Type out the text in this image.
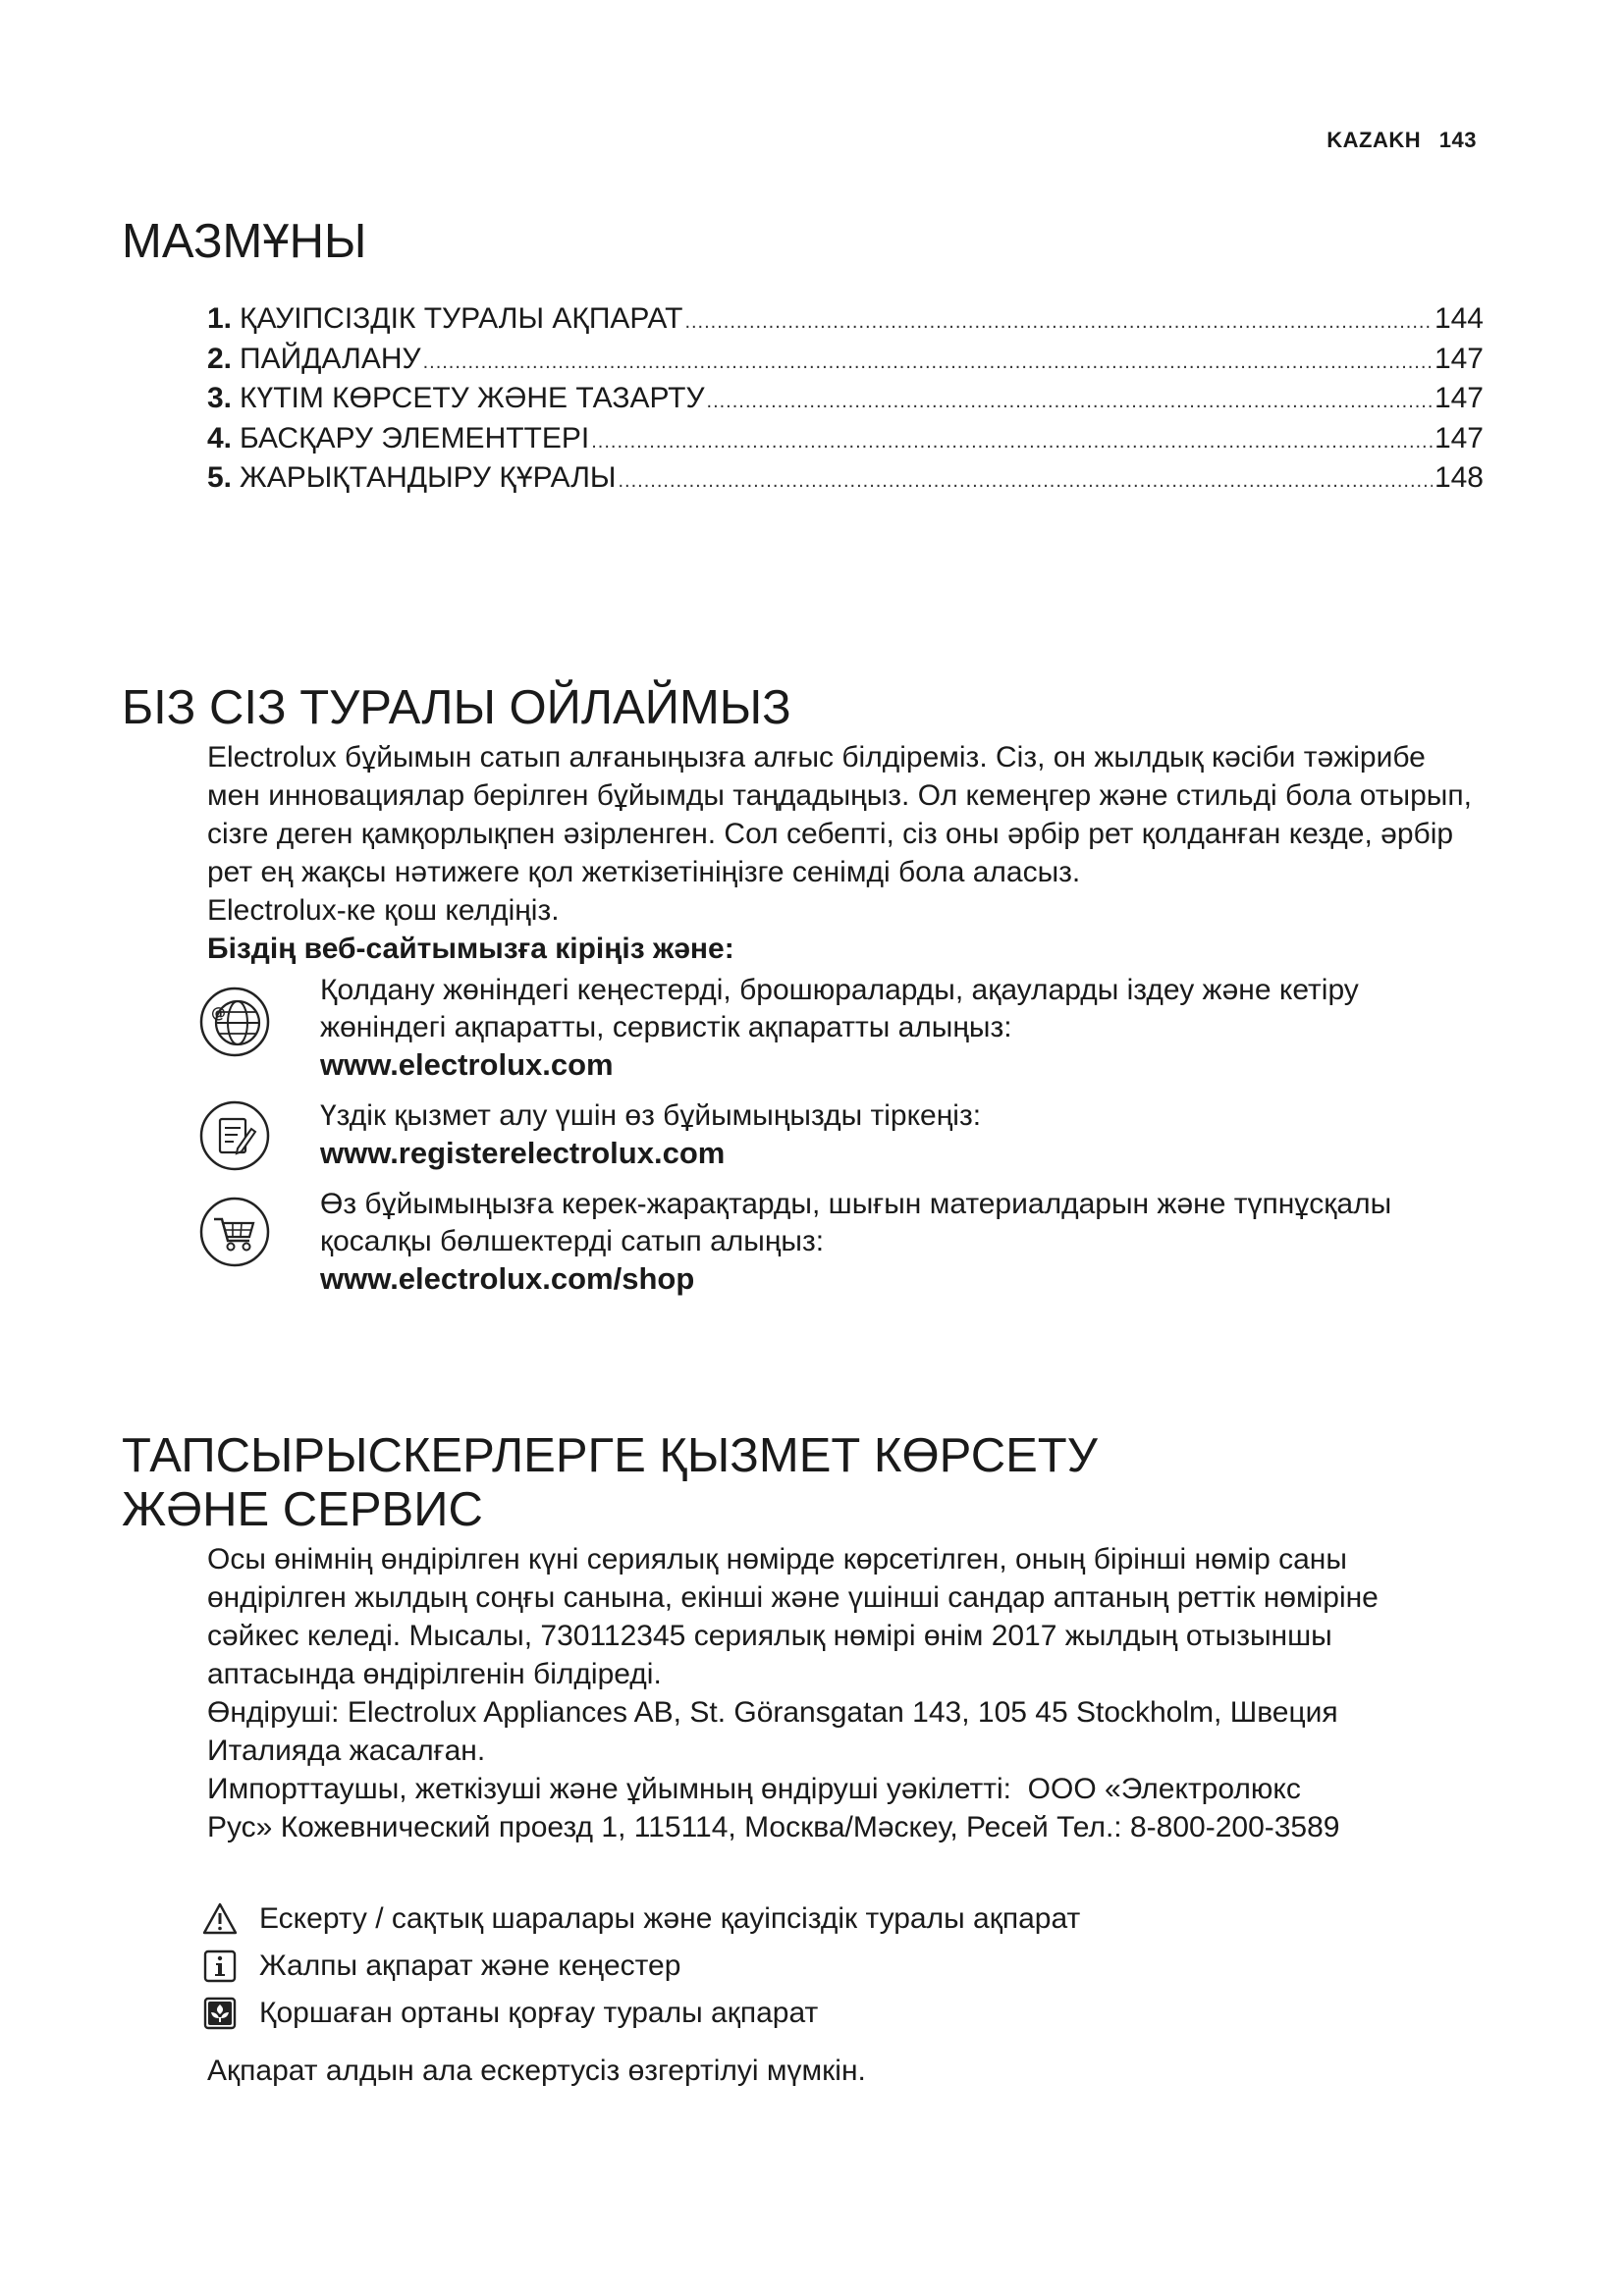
KAZAKH 143
МАЗМҰНЫ
1. ҚАУІПСІЗДІК ТУРАЛЫ АҚПАРАТ .....	144
2. ПАЙДАЛАНУ .....	147
3. КҮТІМ КӨРСЕТУ ЖӘНЕ ТАЗАРТУ .....	147
4. БАСҚАРУ ЭЛЕМЕНТТЕРІ .....	147
5. ЖАРЫҚТАНДЫРУ ҚҰРАЛЫ .....	148
БІЗ СІЗ ТУРАЛЫ ОЙЛАЙМЫЗ
Electrolux бұйымын сатып алғаныңызға алғыс білдіреміз. Сіз, он жылдық кәсіби тәжірибе
мен инновациялар берілген бұйымды таңдадыңыз. Ол кемеңгер және стильді бола отырып,
сізге деген қамқорлықпен әзірленген. Сол себепті, сіз оны әрбір рет қолданған кезде, әрбір
рет ең жақсы нәтижеге қол жеткізетініңізге сенімді бола аласыз.
Electrolux-ке қош келдіңіз.
Біздің веб-сайтымызға кіріңіз және:
@
Қолдану жөніндегі кеңестерді, брошюраларды, ақауларды іздеу және кетіру
жөніндегі ақпаратты, сервистік ақпаратты алыңыз:
www.electrolux.com
Үздік қызмет алу үшін өз бұйымыңызды тіркеңіз:
www.registerelectrolux.com
Өз бұйымыңызға керек-жарақтарды, шығын материалдарын және түпнұсқалы
қосалқы бөлшектерді сатып алыңыз:
www.electrolux.com/shop
ТАПСЫРЫСКЕРЛЕРГЕ ҚЫЗМЕТ КӨРСЕТУ
ЖӘНЕ СЕРВИС
Осы өнімнің өндірілген күні сериялық нөмірде көрсетілген, оның бірінші нөмір саны
өндірілген жылдың соңғы санына, екінші және үшінші сандар аптаның реттік нөміріне
сәйкес келеді. Мысалы, 730112345 сериялық нөмірі өнім 2017 жылдың отызыншы
аптасында өндірілгенін білдіреді.
Өндіруші: Electrolux Appliances AB, St. Göransgatan 143, 105 45 Stockholm, Швеция
Италияда жасалған.
Импорттаушы, жеткізуші және ұйымның өндіруші уәкілетті:  ООО «Электролюкс
Рус» Кожевнический проезд 1, 115114, Москва/Мәскеу, Ресей Тел.: 8-800-200-3589
Ескерту / сақтық шаралары және қауіпсіздік туралы ақпарат
Жалпы ақпарат және кеңестер
Қоршаған ортаны қорғау туралы ақпарат
Ақпарат алдын ала ескертусіз өзгертілуі мүмкін.
